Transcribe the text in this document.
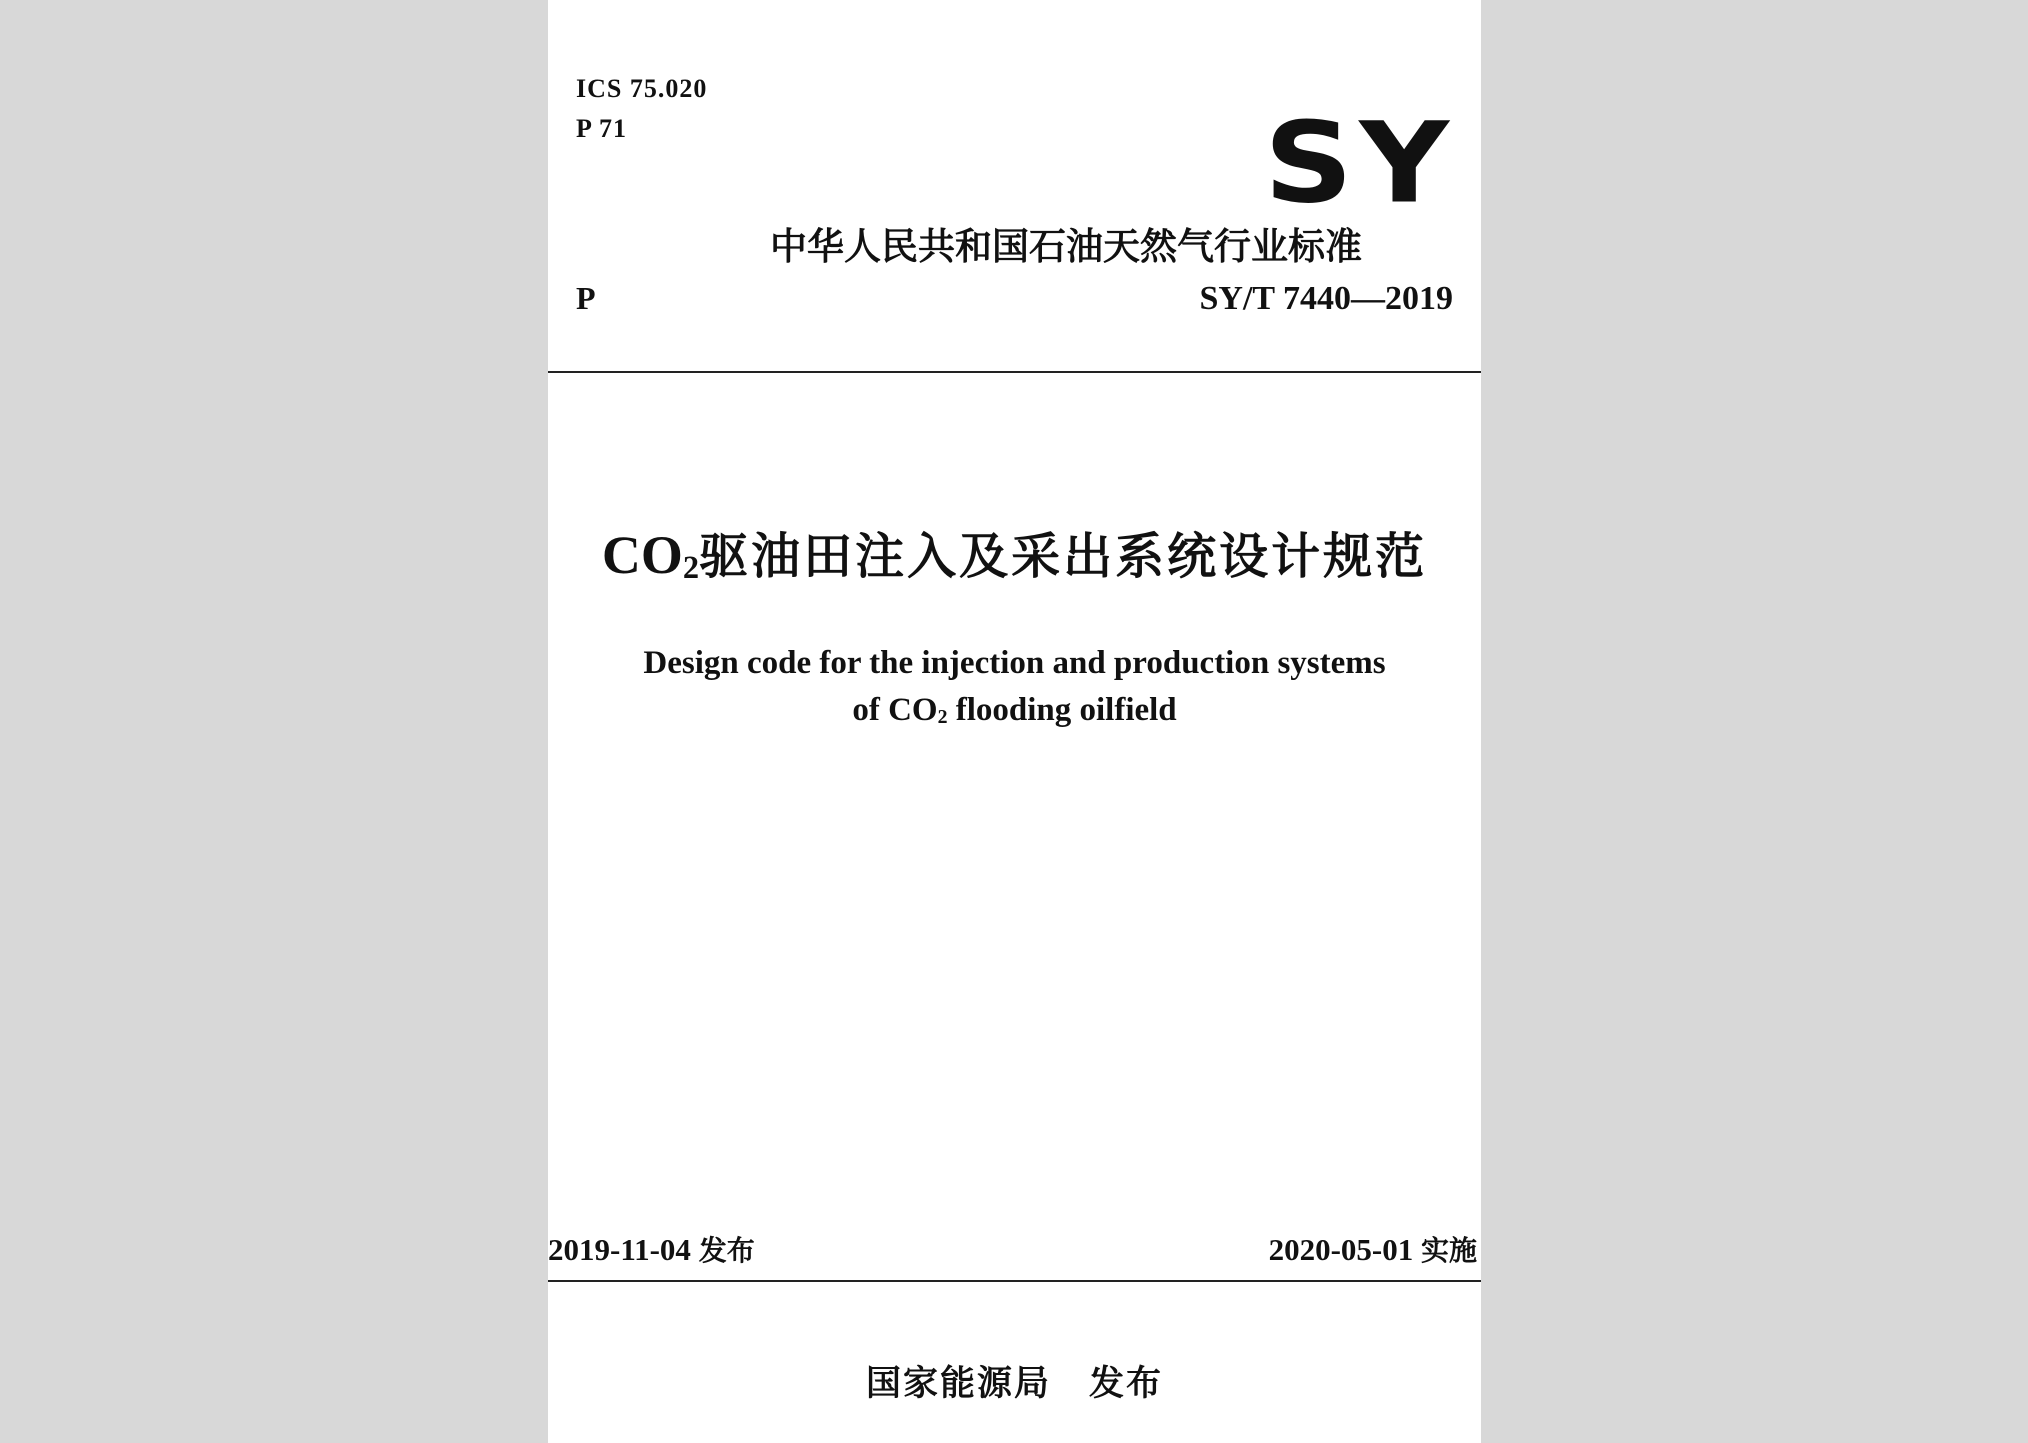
ICS 75.020
P 71	SY
中华人民共和国石油天然气行业标准
P	SY/T 7440—2019
$CO_2$驱油田注入及采出系统设计规范
Design code for the injection and production systems
of $CO_2$ flooding oilfield
2019-11-04 发布	2020-05-01 实施
国家能源局 发布
